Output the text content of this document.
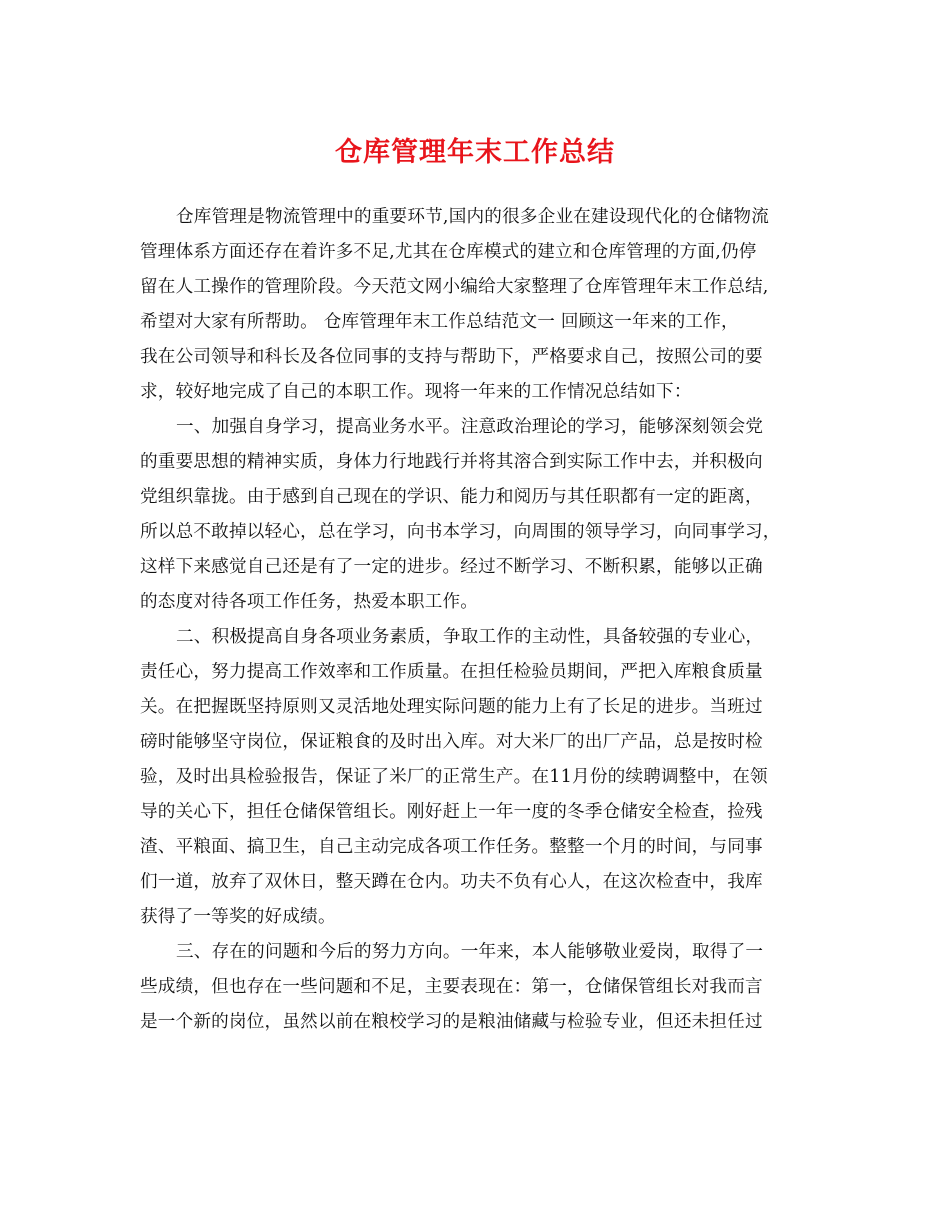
仓库管理年末工作总结
仓库管理是物流管理中的重要环节,国内的很多企业在建设现代化的仓储物流
管理体系方面还存在着许多不足,尤其在仓库模式的建立和仓库管理的方面,仍停
留在人工操作的管理阶段。今天范文网小编给大家整理了仓库管理年末工作总结,
希望对大家有所帮助。 仓库管理年末工作总结范文一 回顾这一年来的工作，
我在公司领导和科长及各位同事的支持与帮助下，严格要求自己，按照公司的要
求，较好地完成了自己的本职工作。现将一年来的工作情况总结如下：
一、加强自身学习，提高业务水平。注意政治理论的学习，能够深刻领会党
的重要思想的精神实质，身体力行地践行并将其溶合到实际工作中去，并积极向
党组织靠拢。由于感到自己现在的学识、能力和阅历与其任职都有一定的距离，
所以总不敢掉以轻心，总在学习，向书本学习，向周围的领导学习，向同事学习，
这样下来感觉自己还是有了一定的进步。经过不断学习、不断积累，能够以正确
的态度对待各项工作任务，热爱本职工作。
二、积极提高自身各项业务素质，争取工作的主动性，具备较强的专业心，
责任心，努力提高工作效率和工作质量。在担任检验员期间，严把入库粮食质量
关。在把握既坚持原则又灵活地处理实际问题的能力上有了长足的进步。当班过
磅时能够坚守岗位，保证粮食的及时出入库。对大米厂的出厂产品，总是按时检
验，及时出具检验报告，保证了米厂的正常生产。在11月份的续聘调整中，在领
导的关心下，担任仓储保管组长。刚好赶上一年一度的冬季仓储安全检查，捡残
渣、平粮面、搞卫生，自己主动完成各项工作任务。整整一个月的时间，与同事
们一道，放弃了双休日，整天蹲在仓内。功夫不负有心人，在这次检查中，我库
获得了一等奖的好成绩。
三、存在的问题和今后的努力方向。一年来，本人能够敬业爱岗，取得了一
些成绩，但也存在一些问题和不足，主要表现在：第一，仓储保管组长对我而言
是一个新的岗位，虽然以前在粮校学习的是粮油储藏与检验专业，但还未担任过
